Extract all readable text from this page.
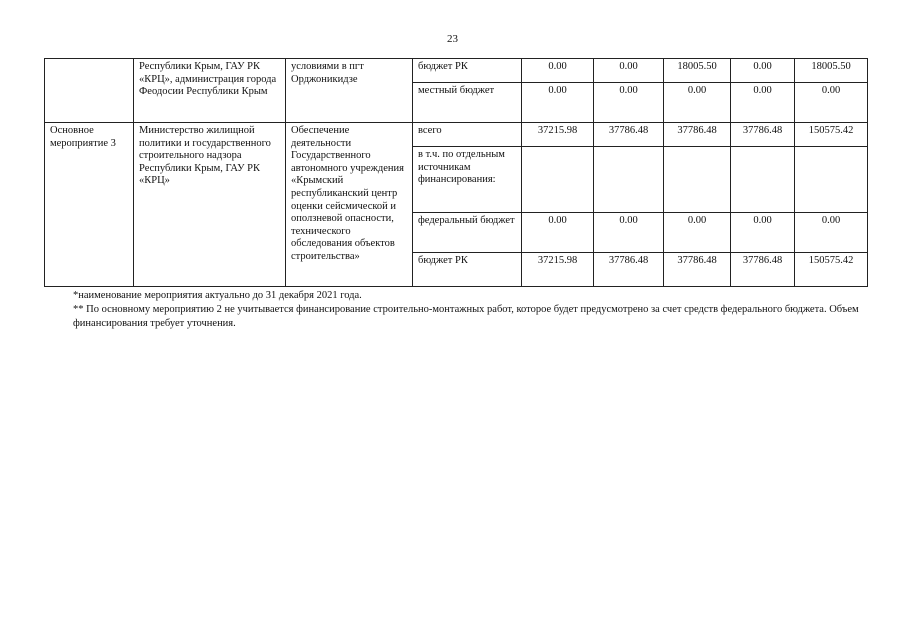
23
	Республики Крым, ГАУ РК «КРЦ», администрация города Феодосии Республики Крым	условиями в пгт Орджоникидзе	бюджет РК	0.00	0.00	18005.50	0.00	18005.50
			местный бюджет	0.00	0.00	0.00	0.00	0.00
Основное мероприятие 3	Министерство жилищной политики и государственного строительного надзора Республики Крым, ГАУ РК «КРЦ»	Обеспечение деятельности Государственного автономного учреждения «Крымский республиканский центр оценки сейсмической и оползневой опасности, технического обследования объектов строительства»	всего	37215.98	37786.48	37786.48	37786.48	150575.42
			в т.ч. по отдельным источникам финансирования:					
			федеральный бюджет	0.00	0.00	0.00	0.00	0.00
			бюджет РК	37215.98	37786.48	37786.48	37786.48	150575.42

*наименование мероприятия актуально до 31 декабря 2021 года.

** По основному мероприятию 2 не учитывается финансирование строительно-монтажных работ, которое будет предусмотрено за счет средств федерального бюджета. Объем финансирования требует уточнения.
